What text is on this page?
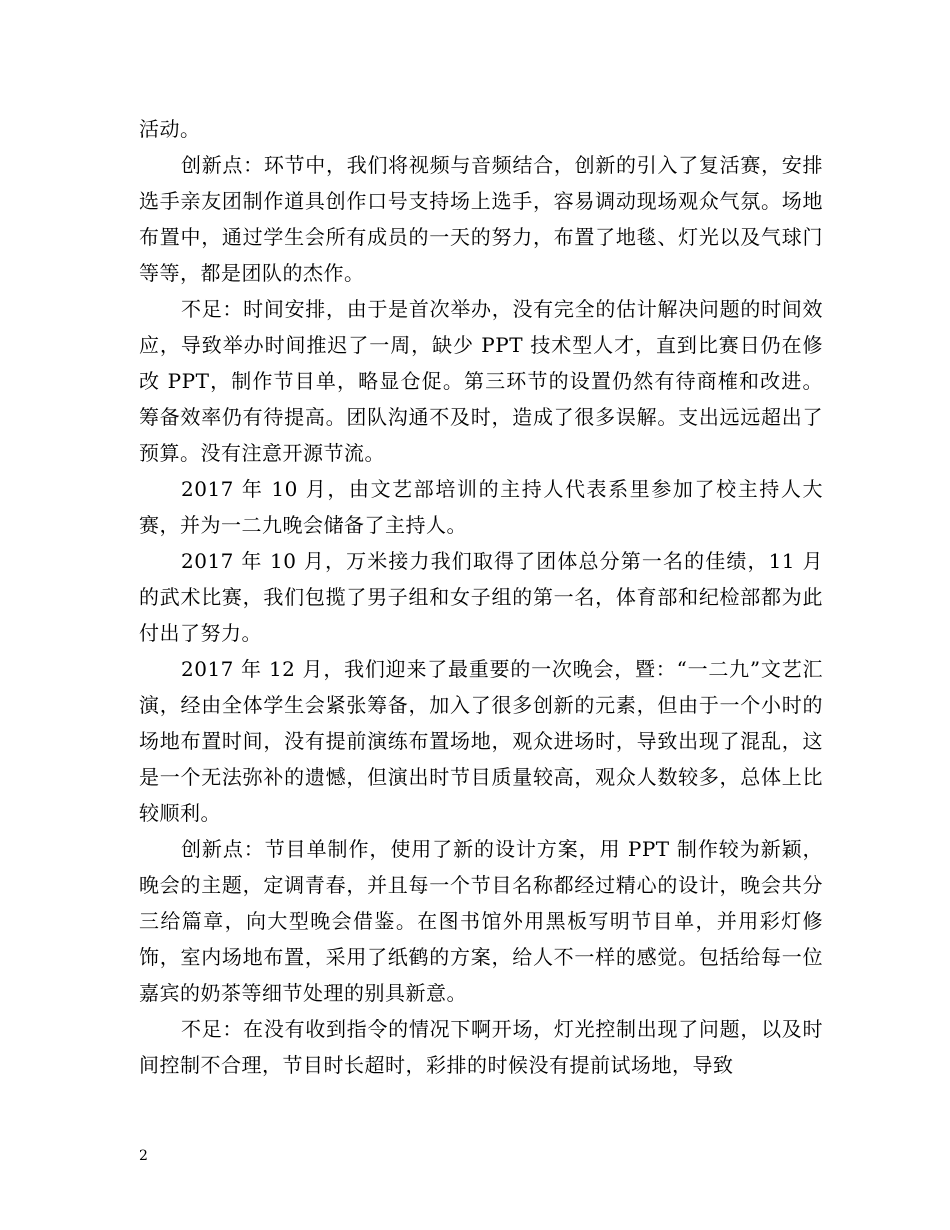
活动。

创新点：环节中，我们将视频与音频结合，创新的引入了复活赛，安排选手亲友团制作道具创作口号支持场上选手，容易调动现场观众气氛。场地布置中，通过学生会所有成员的一天的努力，布置了地毯、灯光以及气球门等等，都是团队的杰作。

不足：时间安排，由于是首次举办，没有完全的估计解决问题的时间效应，导致举办时间推迟了一周，缺少 PPT 技术型人才，直到比赛日仍在修改 PPT，制作节目单，略显仓促。第三环节的设置仍然有待商榷和改进。筹备效率仍有待提高。团队沟通不及时，造成了很多误解。支出远远超出了预算。没有注意开源节流。

2017 年 10 月，由文艺部培训的主持人代表系里参加了校主持人大赛，并为一二九晚会储备了主持人。

2017 年 10 月，万米接力我们取得了团体总分第一名的佳绩，11 月的武术比赛，我们包揽了男子组和女子组的第一名，体育部和纪检部都为此付出了努力。

2017 年 12 月，我们迎来了最重要的一次晚会，暨：“一二九”文艺汇演，经由全体学生会紧张筹备，加入了很多创新的元素，但由于一个小时的场地布置时间，没有提前演练布置场地，观众进场时，导致出现了混乱，这是一个无法弥补的遗憾，但演出时节目质量较高，观众人数较多，总体上比较顺利。

创新点：节目单制作，使用了新的设计方案，用 PPT 制作较为新颖，晚会的主题，定调青春，并且每一个节目名称都经过精心的设计，晚会共分三给篇章，向大型晚会借鉴。在图书馆外用黑板写明节目单，并用彩灯修饰，室内场地布置，采用了纸鹤的方案，给人不一样的感觉。包括给每一位嘉宾的奶茶等细节处理的别具新意。

不足：在没有收到指令的情况下啊开场，灯光控制出现了问题，以及时间控制不合理，节目时长超时，彩排的时候没有提前试场地，导致

2
